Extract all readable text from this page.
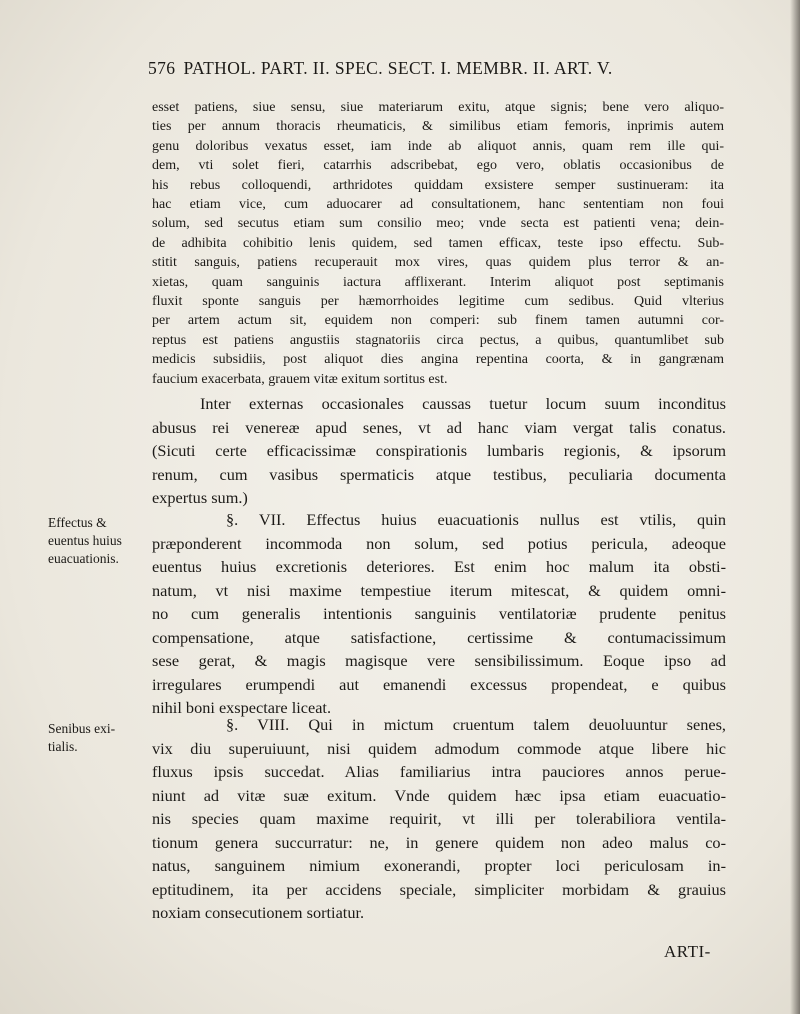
576 PATHOL. PART. II. SPEC. SECT. I. MEMBR. II. ART. V.
esset patiens, siue sensu, siue materiarum exitu, atque signis; bene vero aliquo-
ties per annum thoracis rheumaticis, & similibus etiam femoris, inprimis autem
genu doloribus vexatus esset, iam inde ab aliquot annis, quam rem ille qui-
dem, vti solet fieri, catarrhis adscribebat, ego vero, oblatis occasionibus de
his rebus colloquendi, arthridotes quiddam exsistere semper sustinueram: ita
hac etiam vice, cum aduocarer ad consultationem, hanc sententiam non foui
solum, sed secutus etiam sum consilio meo; vnde secta est patienti vena; dein-
de adhibita cohibitio lenis quidem, sed tamen efficax, teste ipso effectu. Sub-
stitit sanguis, patiens recuperauit mox vires, quas quidem plus terror & an-
xietas, quam sanguinis iactura afflixerant. Interim aliquot post septimanis
fluxit sponte sanguis per hæmorrhoides legitime cum sedibus. Quid vlterius
per artem actum sit, equidem non comperi: sub finem tamen autumni cor-
reptus est patiens angustiis stagnatoriis circa pectus, a quibus, quantumlibet sub
medicis subsidiis, post aliquot dies angina repentina coorta, & in gangrænam
faucium exacerbata, grauem vitæ exitum sortitus est.
Inter externas occasionales caussas tuetur locum suum inconditus
abusus rei venereæ apud senes, vt ad hanc viam vergat talis conatus.
(Sicuti certe efficacissimæ conspirationis lumbaris regionis, & ipsorum
renum, cum vasibus spermaticis atque testibus, peculiaria documenta
expertus sum.)
Effectus &
euentus huius
euacuationis.
§. VII. Effectus huius euacuationis nullus est vtilis, quin
præponderent incommoda non solum, sed potius pericula, adeoque
euentus huius excretionis deteriores. Est enim hoc malum ita obsti-
natum, vt nisi maxime tempestiue iterum mitescat, & quidem omni-
no cum generalis intentionis sanguinis ventilatoriæ prudente penitus
compensatione, atque satisfactione, certissime & contumacissimum
sese gerat, & magis magisque vere sensibilissimum. Eoque ipso ad
irregulares erumpendi aut emanendi excessus propendeat, e quibus
nihil boni exspectare liceat.
Senibus exi-
tialis.
§. VIII. Qui in mictum cruentum talem deuoluuntur senes,
vix diu superuiuunt, nisi quidem admodum commode atque libere hic
fluxus ipsis succedat. Alias familiarius intra pauciores annos perue-
niunt ad vitæ suæ exitum. Vnde quidem hæc ipsa etiam euacuatio-
nis species quam maxime requirit, vt illi per tolerabiliora ventila-
tionum genera succurratur: ne, in genere quidem non adeo malus co-
natus, sanguinem nimium exonerandi, propter loci periculosam in-
eptitudinem, ita per accidens speciale, simpliciter morbidam & grauius
noxiam consecutionem sortiatur.
ARTI-
